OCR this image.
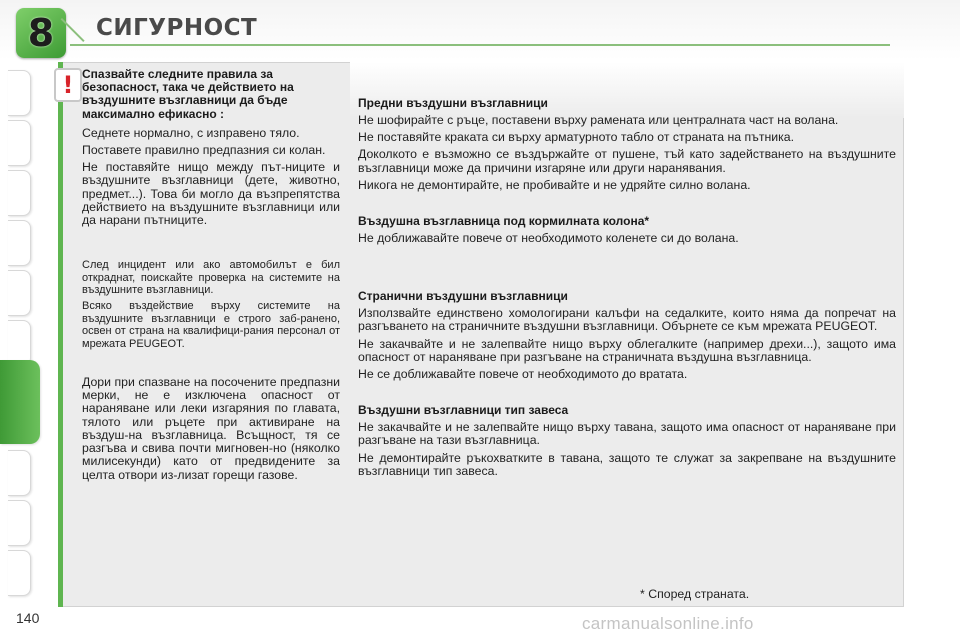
8 СИГУРНОСТ
! Спазвайте следните правила за безопасност, така че действието на въздушните възглавници да бъде максимално ефикасно :

Седнете нормално, с изправено тяло.

Поставете правилно предпазния си колан.

Не поставяйте нищо между път-ниците и въздушните възглавници (дете, животно, предмет...). Това би могло да възпрепятства действието на въздушните възглавници или да нарани пътниците.

След инцидент или ако автомобилът е бил откраднат, поискайте проверка на системите на въздушните възглавници.

Всяко въздействие върху системите на въздушните възглавници е строго заб-ранено, освен от страна на квалифици-рания персонал от мрежата PEUGEOT.

Дори при спазване на посочените предпазни мерки, не е изключена опасност от нараняване или леки изгаряния по главата, тялото или ръцете при активиране на въздуш-на възглавница. Всъщност, тя се разгъва и свива почти мигновен-но (няколко милисекунди) като от предвидените за целта отвори из-лизат горещи газове.

Предни въздушни възглавници

Не шофирайте с ръце, поставени върху рамената или централната част на волана.

Не поставяйте краката си върху арматурното табло от страната на пътника.

Доколкото е възможно се въздържайте от пушене, тъй като задействането на въздушните възглавници може да причини изгаряне или други наранявания.

Никога не демонтирайте, не пробивайте и не удряйте силно волана.

Въздушна възглавница под кормилната колона*

Не доближавайте повече от необходимото коленете си до волана.

Странични въздушни възглавници

Използвайте единствено хомологирани калъфи на седалките, които няма да попречат на разгъването на страничните въздушни възглавници. Обърнете се към мрежата PEUGEOT.

Не закачвайте и не залепвайте нищо върху облегалките (например дрехи...), защото има опасност от нараняване при разгъване на страничната въздушна възглавница.

Не се доближавайте повече от необходимото до вратата.

Въздушни възглавници тип завеса

Не закачвайте и не залепвайте нищо върху тавана, защото има опасност от нараняване при разгъване на тази възглавница.

Не демонтирайте ръкохватките в тавана, защото те служат за закрепване на въздушните възглавници тип завеса.

* Според страната.
140	carmanualsonline.info
